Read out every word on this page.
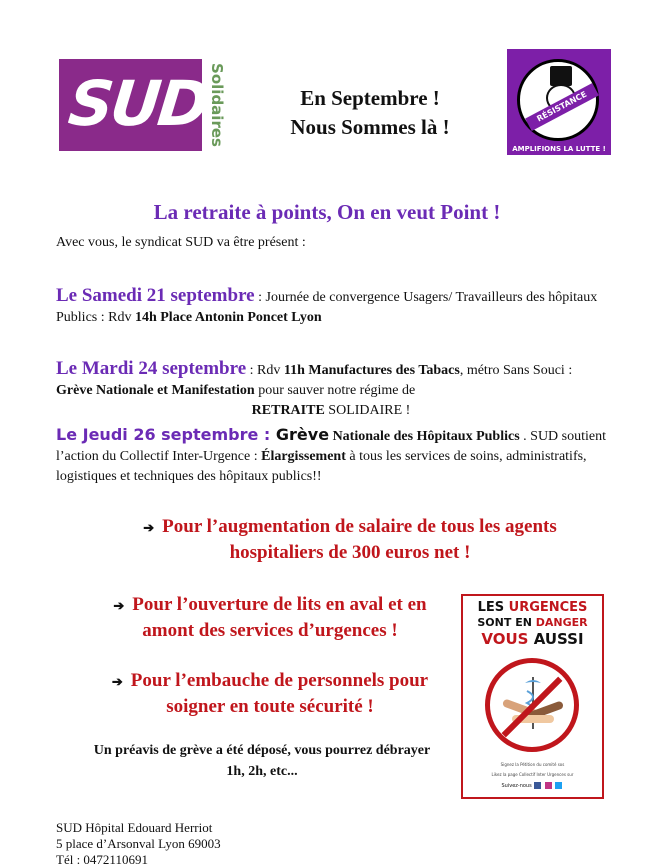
SUD
Solidaires	En Septembre !
Nous Sommes là !
RÉSISTANCE
AMPLIFIONS LA LUTTE !
La retraite à points, On en veut Point !
Avec vous, le syndicat SUD va être présent :
Le Samedi 21 septembre : Journée de convergence Usagers/ Travailleurs des hôpitaux Publics : Rdv 14h Place Antonin Poncet Lyon
Le Mardi 24 septembre : Rdv 11h Manufactures des Tabacs, métro Sans Souci : Grève Nationale et Manifestation pour sauver notre régime de
RETRAITE SOLIDAIRE !
Le Jeudi 26 septembre : Grève Nationale des Hôpitaux Publics . SUD soutient l’action du Collectif Inter-Urgence : Élargissement à tous les services de soins, administratifs, logistiques et techniques des hôpitaux publics!!
➔ Pour l’augmentation de salaire de tous les agents
hospitaliers de 300 euros net !
➔ Pour l’ouverture de lits en aval et en
amont des services d’urgences !
➔ Pour l’embauche de personnels pour
soigner en toute sécurité !
Un préavis de grève a été déposé, vous pourrez débrayer
1h, 2h, etc...
LES URGENCES
SONT EN DANGER
VOUS AUSSI
Signez la Pétition du comité sos
Likez la page Collectif Inter Urgences sur
Suivez-nous
SUD Hôpital Edouard Herriot
5 place d’Arsonval Lyon 69003
Tél : 0472110691
